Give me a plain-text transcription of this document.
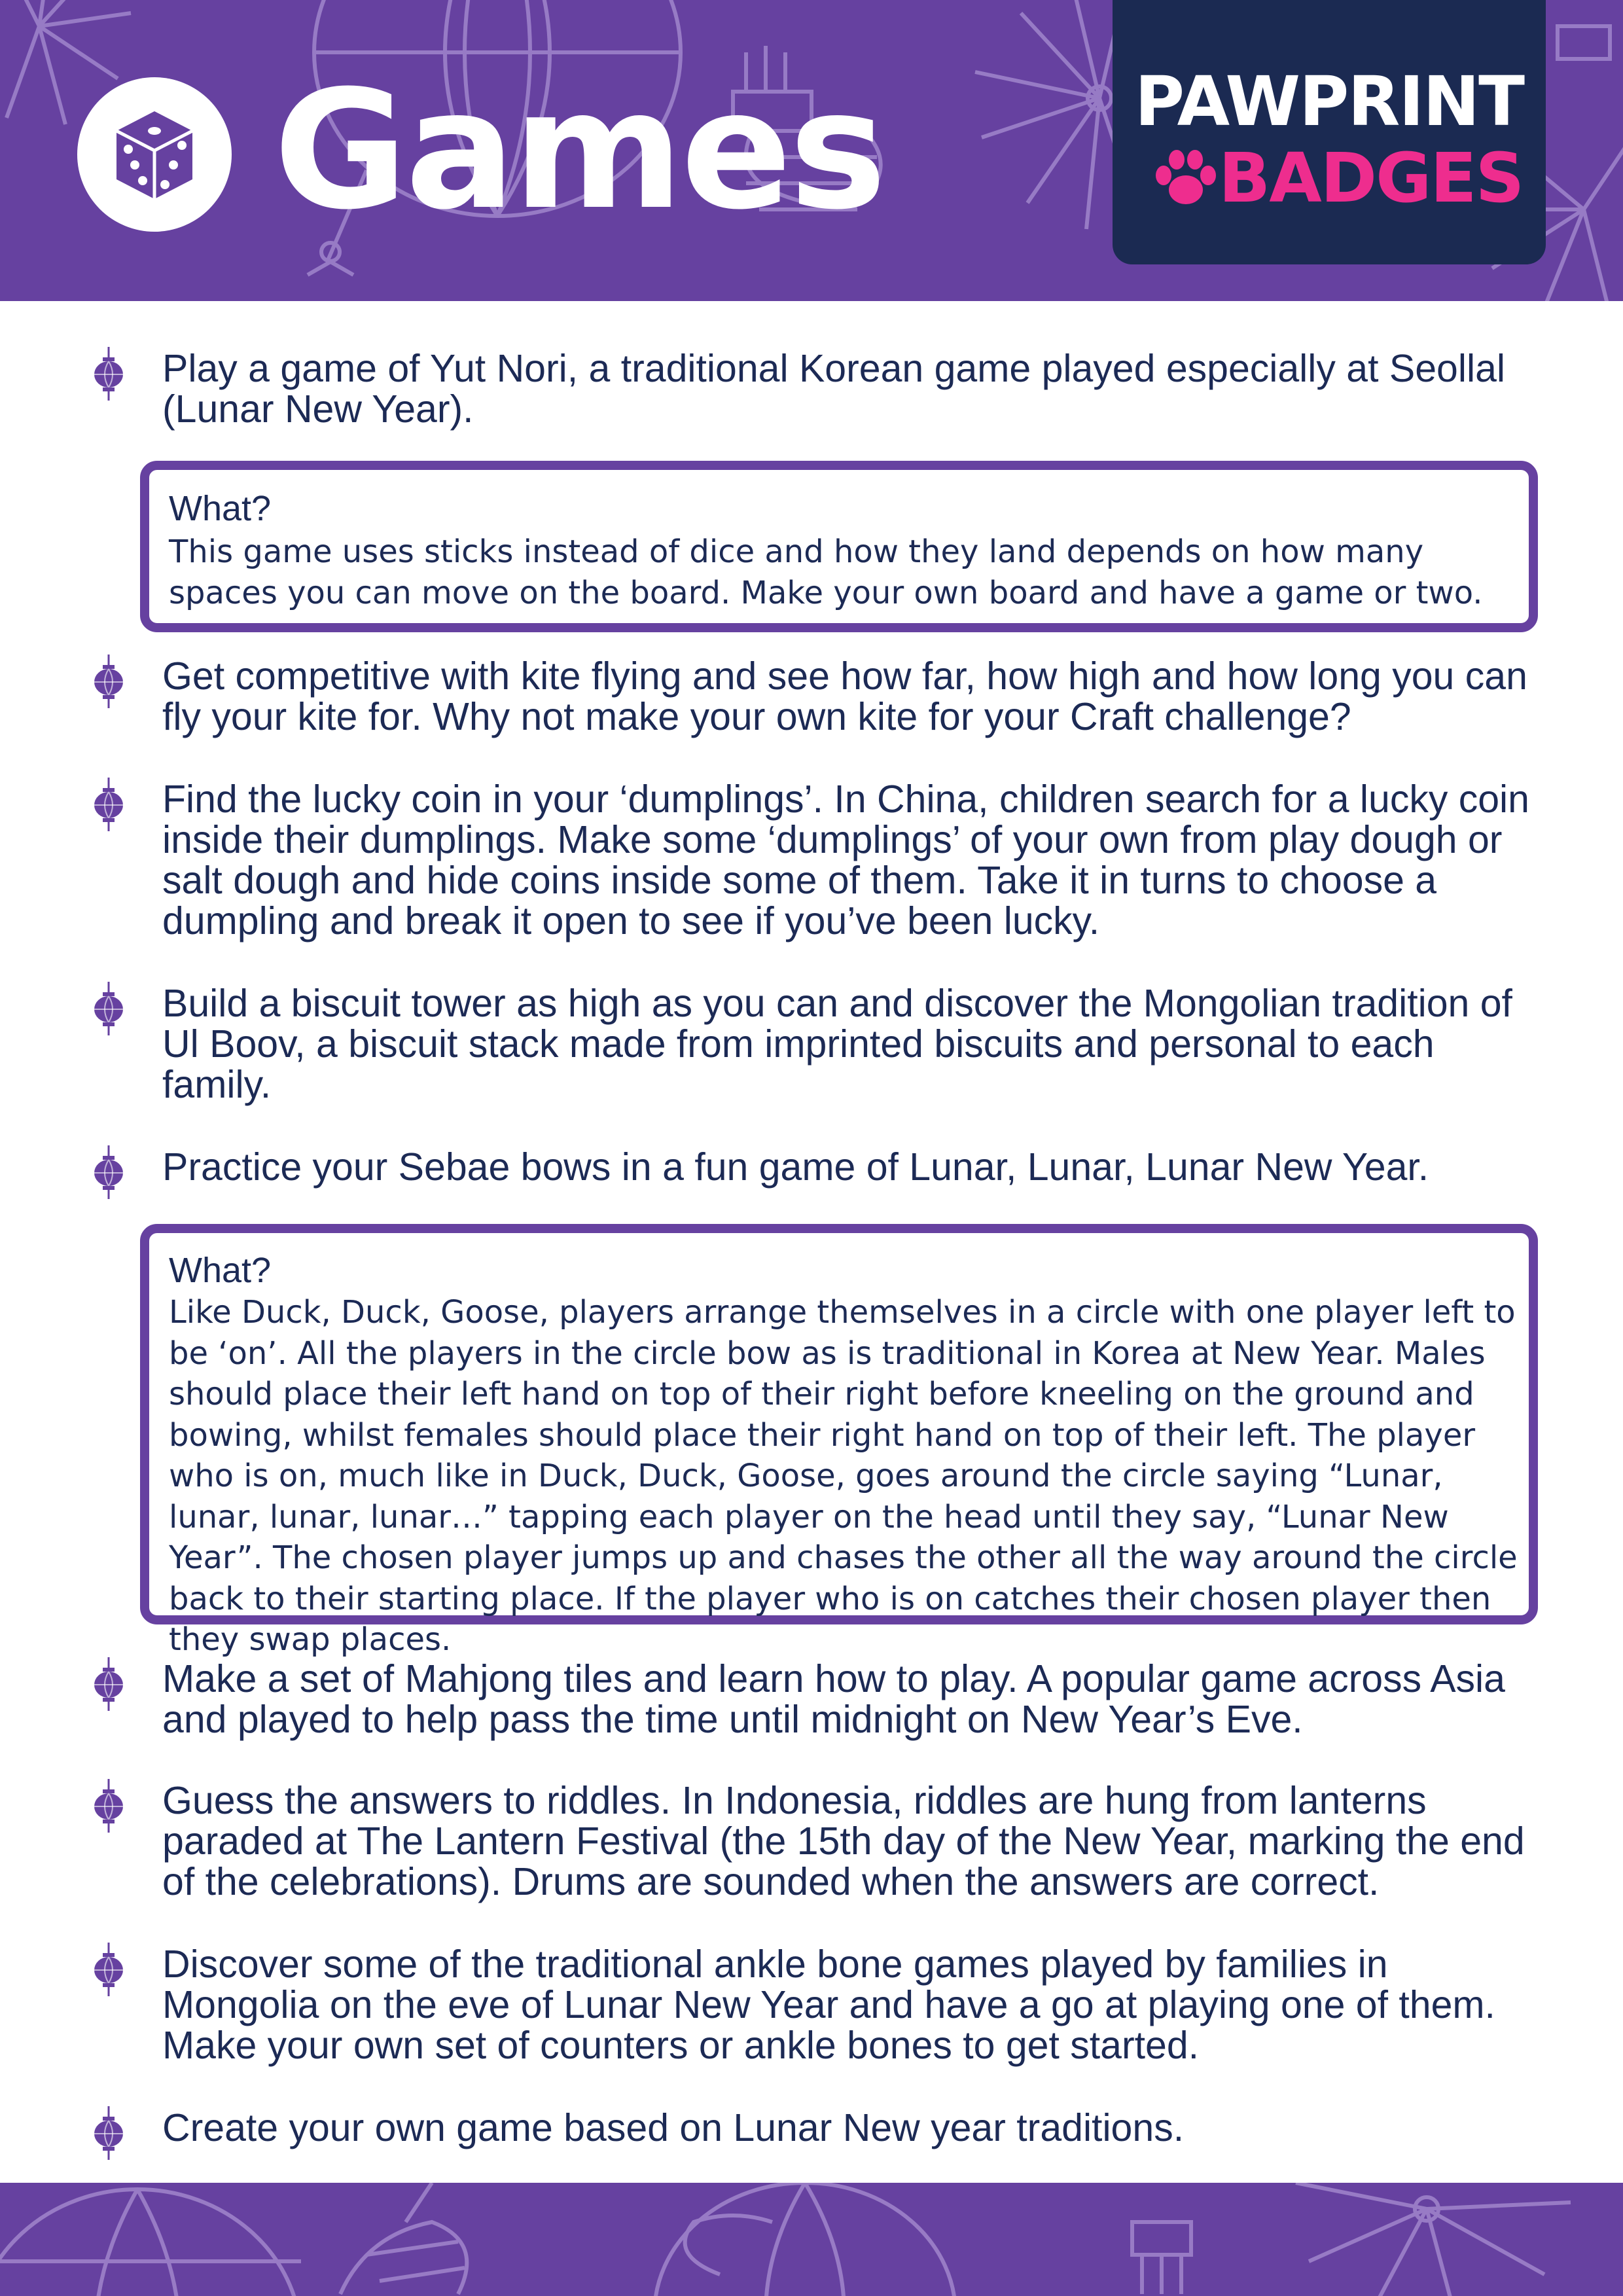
Games	PAWPRINT
BADGES
Play a game of Yut Nori, a traditional Korean game played especially at Seollal (Lunar New Year).
What?
This game uses sticks instead of dice and how they land depends on how many spaces you can move on the board. Make your own board and have a game or two.
Get competitive with kite flying and see how far, how high and how long you can fly your kite for. Why not make your own kite for your Craft challenge?
Find the lucky coin in your ‘dumplings’. In China, children search for a lucky coin inside their dumplings. Make some ‘dumplings’ of your own from play dough or salt dough and hide coins inside some of them. Take it in turns to choose a dumpling and break it open to see if you’ve been lucky.
Build a biscuit tower as high as you can and discover the Mongolian tradition of Ul Boov, a biscuit stack made from imprinted biscuits and personal to each family.
Practice your Sebae bows in a fun game of Lunar, Lunar, Lunar New Year.
What?
Like Duck, Duck, Goose, players arrange themselves in a circle with one player left to be ‘on’. All the players in the circle bow as is traditional in Korea at New Year. Males should place their left hand on top of their right before kneeling on the ground and bowing, whilst females should place their right hand on top of their left. The player who is on, much like in Duck, Duck, Goose, goes around the circle saying “Lunar, lunar, lunar, lunar…” tapping each player on the head until they say, “Lunar New Year”. The chosen player jumps up and chases the other all the way around the circle back to their starting place. If the player who is on catches their chosen player then they swap places.
Make a set of Mahjong tiles and learn how to play. A popular game across Asia and played to help pass the time until midnight on New Year’s Eve.
Guess the answers to riddles. In Indonesia, riddles are hung from lanterns paraded at The Lantern Festival (the 15th day of the New Year, marking the end of the celebrations). Drums are sounded when the answers are correct.
Discover some of the traditional ankle bone games played by families in Mongolia on the eve of Lunar New Year and have a go at playing one of them. Make your own set of counters or ankle bones to get started.
Create your own game based on Lunar New year traditions.
